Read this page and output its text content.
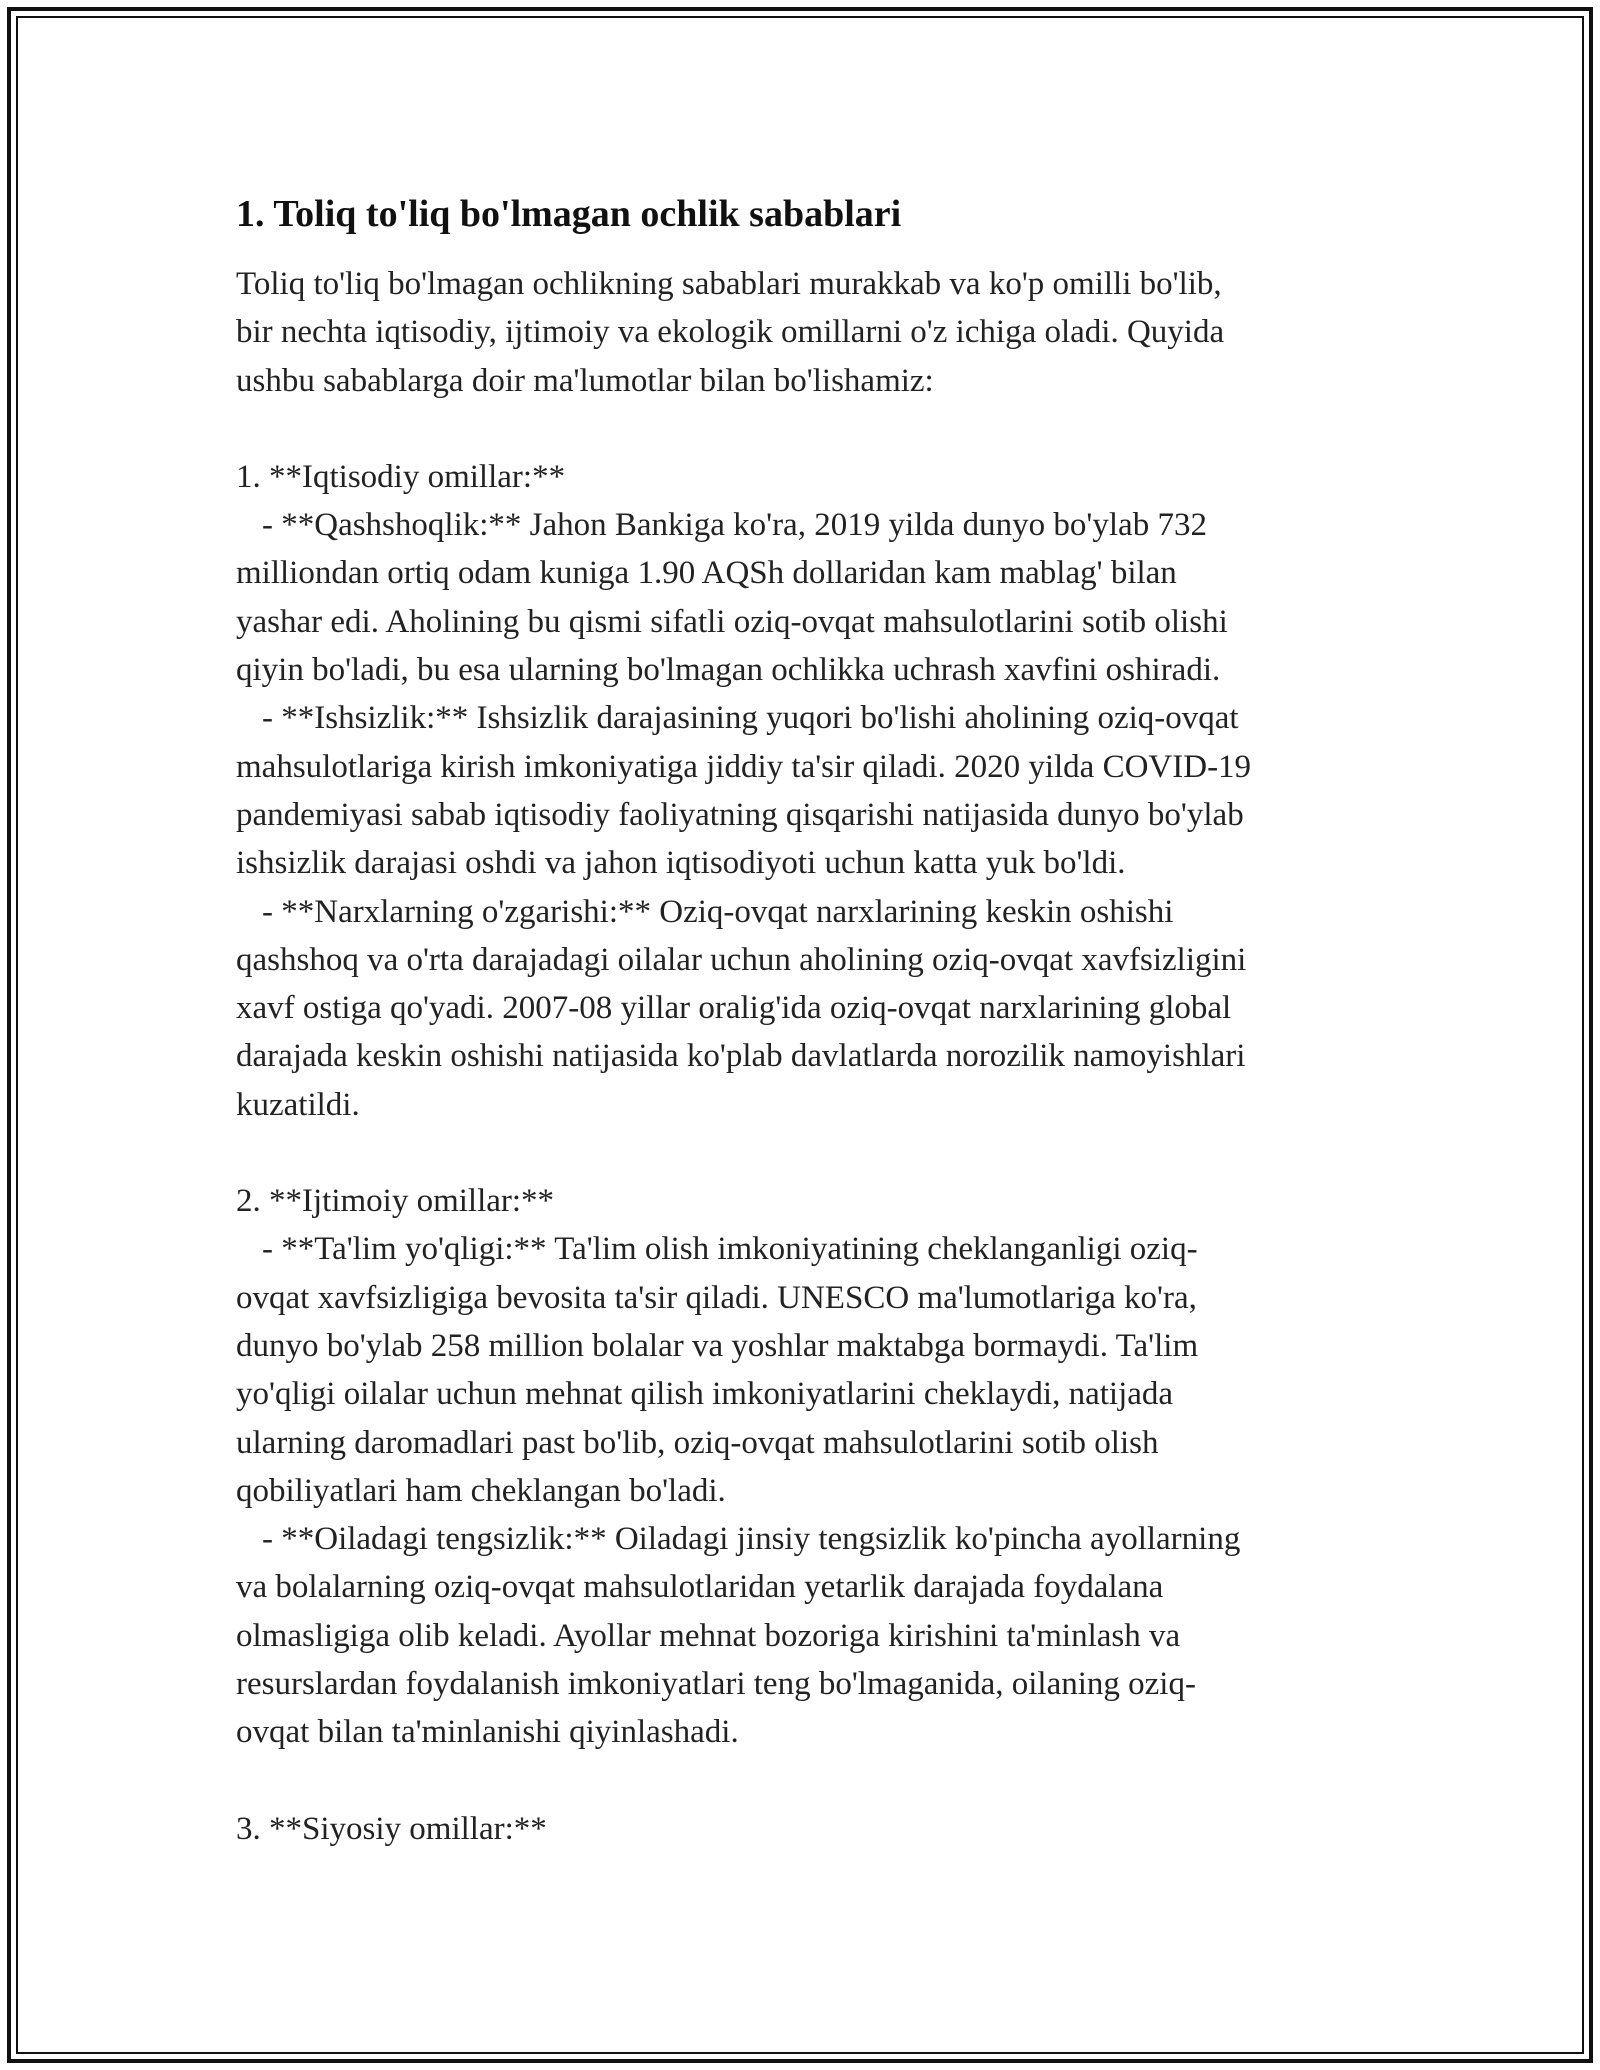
1. Toliq to'liq bo'lmagan ochlik sabablari
Toliq to'liq bo'lmagan ochlikning sabablari murakkab va ko'p omilli bo'lib,
bir nechta iqtisodiy, ijtimoiy va ekologik omillarni o'z ichiga oladi. Quyida
ushbu sabablarga doir ma'lumotlar bilan bo'lishamiz:
1. **Iqtisodiy omillar:**
- **Qashshoqlik:** Jahon Bankiga ko'ra, 2019 yilda dunyo bo'ylab 732
milliondan ortiq odam kuniga 1.90 AQSh dollaridan kam mablag' bilan
yashar edi. Aholining bu qismi sifatli oziq-ovqat mahsulotlarini sotib olishi
qiyin bo'ladi, bu esa ularning bo'lmagan ochlikka uchrash xavfini oshiradi.
- **Ishsizlik:** Ishsizlik darajasining yuqori bo'lishi aholining oziq-ovqat
mahsulotlariga kirish imkoniyatiga jiddiy ta'sir qiladi. 2020 yilda COVID-19
pandemiyasi sabab iqtisodiy faoliyatning qisqarishi natijasida dunyo bo'ylab
ishsizlik darajasi oshdi va jahon iqtisodiyoti uchun katta yuk bo'ldi.
- **Narxlarning o'zgarishi:** Oziq-ovqat narxlarining keskin oshishi
qashshoq va o'rta darajadagi oilalar uchun aholining oziq-ovqat xavfsizligini
xavf ostiga qo'yadi. 2007-08 yillar oralig'ida oziq-ovqat narxlarining global
darajada keskin oshishi natijasida ko'plab davlatlarda norozilik namoyishlari
kuzatildi.
2. **Ijtimoiy omillar:**
- **Ta'lim yo'qligi:** Ta'lim olish imkoniyatining cheklanganligi oziq-
ovqat xavfsizligiga bevosita ta'sir qiladi. UNESCO ma'lumotlariga ko'ra,
dunyo bo'ylab 258 million bolalar va yoshlar maktabga bormaydi. Ta'lim
yo'qligi oilalar uchun mehnat qilish imkoniyatlarini cheklaydi, natijada
ularning daromadlari past bo'lib, oziq-ovqat mahsulotlarini sotib olish
qobiliyatlari ham cheklangan bo'ladi.
- **Oiladagi tengsizlik:** Oiladagi jinsiy tengsizlik ko'pincha ayollarning
va bolalarning oziq-ovqat mahsulotlaridan yetarlik darajada foydalana
olmasligiga olib keladi. Ayollar mehnat bozoriga kirishini ta'minlash va
resurslardan foydalanish imkoniyatlari teng bo'lmaganida, oilaning oziq-
ovqat bilan ta'minlanishi qiyinlashadi.
3. **Siyosiy omillar:**
